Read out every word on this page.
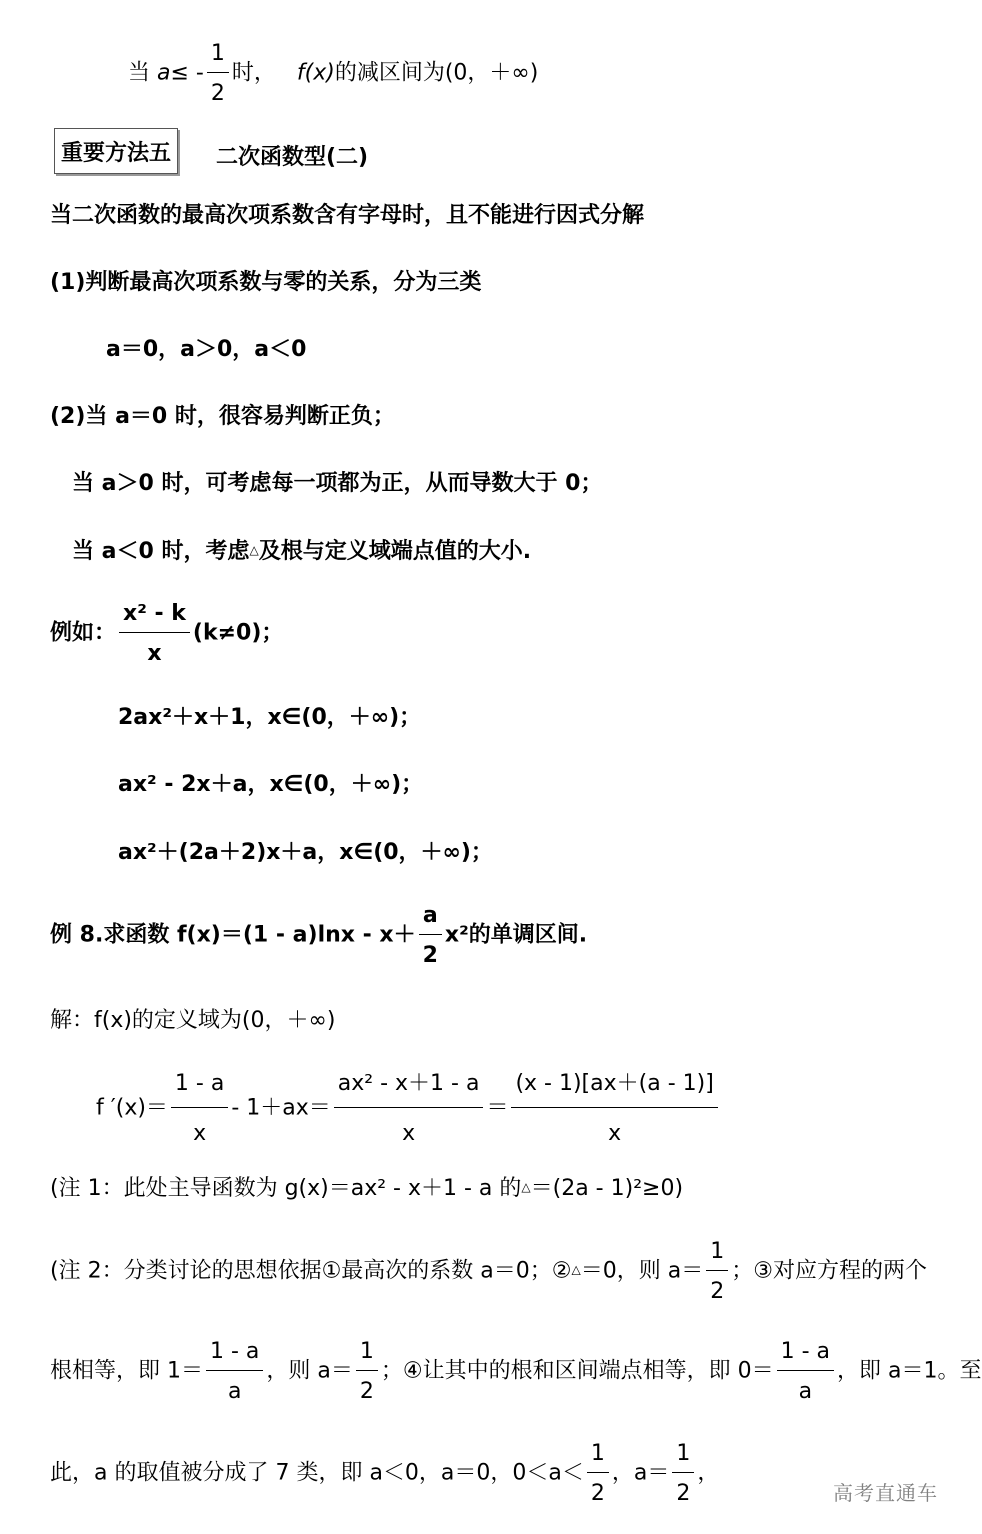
当 $a\le - \frac{1}{2}$ 时， f(x)的减区间为(0，＋∞)
重要方法五	二次函数型(二)
当二次函数的最高次项系数含有字母时，且不能进行因式分解
(1)判断最高次项系数与零的关系，分为三类
a＝0，a＞0，a＜0
(2)当 a＝0 时，很容易判断正负；
当 a＞0 时，可考虑每一项都为正，从而导数大于 0；
当 a＜0 时，考虑△及根与定义域端点值的大小.
例如： $\frac{\text{x² - k}}{x} (k\ne 0)$；
2ax²＋x＋1，x∈(0，＋∞)；
ax² - 2x＋a，x∈(0，＋∞)；
ax²＋(2a＋2)x＋a，x∈(0，＋∞)；
例 8.求函数 $f(x)=(1 - a)\ln x - x+ \frac{a}{2} x^2$的单调区间.
解：f(x)的定义域为(0，＋∞)
f $'(x)= \frac{1 - a}{x} - 1+ax= \frac{\text{ax² - x＋1 - a}}{x} = \frac{(x - 1)[ax+(a - 1)]}{x}$
(注 1：此处主导函数为 g(x)＝ax² - x＋1 - a 的△＝(2a - 1)²≥0)
(注 2：分类讨论的思想依据①最高次的系数 a＝0；②△＝0，则 $a= \frac{1}{2}$ ；③对应方程的两个
根相等，即 $1= \frac{1 - a}{a}$ ，则 $a= \frac{1}{2}$ ；④让其中的根和区间端点相等，即 $0= \frac{1 - a}{a}$ ，即 a＝1。至
此，a 的取值被分成了 7 类，即 a＜0，a＝0，$0<a< \frac{1}{2}$ ，$a= \frac{1}{2}$ ，
高考直通车
